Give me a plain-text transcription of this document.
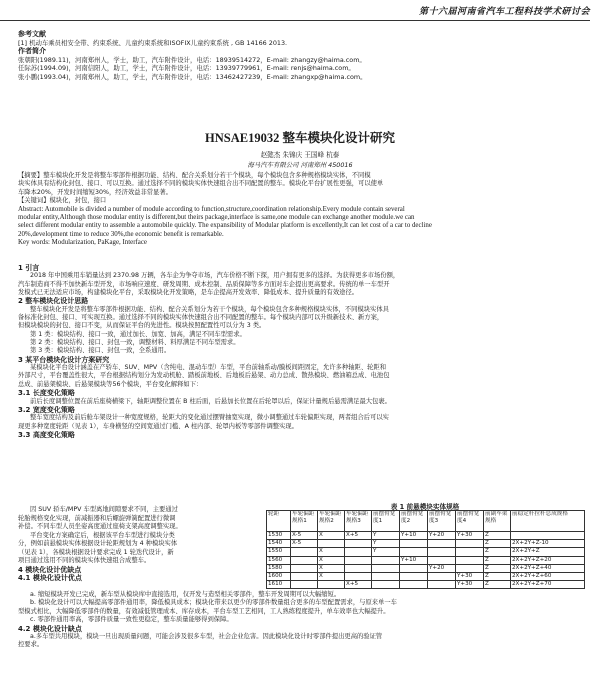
第十六届河南省汽车工程科技学术研讨会
参考文献
[1] 机动车乘员相安全带、约束系统、儿童约束系统和ISOFIX儿童约束系统 , GB 14166 2013.
作者简介
张朝阳(1989.11)，河南郑州人，学士，助工，汽车附件设计，电话：18939514272，E-mail: zhangzy@haima.com。
任际苏(1994.09)，河南信阳人，助工，学士，汽车附件设计，电话：13939779961，E-mail: renjs@haima.com。
张小鹏(1993.04)，河南郑州人，助工，学士，汽车附件设计，电话：13462427239，E-mail: zhangxp@haima.com。
HNSAE19032 整车模块化设计研究
赵懿杰 朱锦庆 王国峰 杭泰
海马汽车有限公司 河南郑州 450016

【摘要】整车模块化开发是将整车零部件根据功能、结构、配合关系划分若干个模块，每个模块包含多种规格模块实体，不同模

块实体具有结构化封包、接口、可以互换。通过选择不同的模块实体快速组合出不同配置的整车。模块化平台扩展性更强，可以使单

车降本20%，开发时间缩短30%，经济效益非常显著。

【关键词】模块化，封包，接口

Abstract: Automobile is divided a number of module according to function,structure,coordination relationship.Every module contain several

modular entity,Although those modular entity is different,but theirs package,interface is same,one module can exchange another module.we can

select different modular entity to assemble a automobile quickly. The expansibility of Modular platform is excellently,It can let cost of a car to decline

20%,development time to reduce 30%,the economic benefit is remarkable.

Key words: Modularization, PaKage, Interface

1 引言

2018 年中国乘用车销量达到 2370.98 万辆，各车企为争夺市场，汽车价格不断下探，用户拥有更多的选择。为获得更多市场份额，

汽车制造商不得不加快新车型开发，市场响应速度、研发周期、成本控制、品质保障等多方面对车企提出更高要求。传统的单一车型开

发模式已无法适应市场，构建模块化平台，采取模块化开发策略，是车企提高开发效率、降低成本、提升质量的有效途径。

2 整车模块化设计思路

整车模块化开发是将整车零部件根据功能、结构、配合关系划分为若干个模块，每个模块包含多种规格模块实体，不同模块实体具

备标准化封包、接口、可实现互换。通过选择不同的模块实体快速组合出不同配置的整车。每个模块内部可以升级新技术、新方案，

但模块模块的封包、接口不变，从而保证平台的先进性。模块按照配置性可以分为 3 类。

第 1 类：模块结构、接口一致，通过加长、加宽、加高，满足不同车型需求。

第 2 类：模块结构、接口、封包一致，调整材料、料厚满足不同车型需求。

第 3 类：模块结构、接口、封包一致，全系通用。

3 某平台模块化设计方案研究

某模块化平台设计涵盖在产轿车、SUV、MPV（含纯电、混动车型）车型，平台前轴系动/膜板间距固定，允许多种轴距、轮距和

外部尺寸，平台覆盖性很大，平台根据结构划分为发动机舱、踏板前地板、后地板后悬架、动力总成、散热模块、燃油箱总成、电池包

总成、前悬架模块、后悬架模块等56个模块，平台变化解释如下：

3.1 长度变化策略

前后长度调整位置在前后座椅横梁下，轴距调整位置在 B 柱后面，后悬加长位置在后轮罩以后，保证计量规后悬需满足最大包裹。

3.2 宽度变化策略

整车宽度结构及前后舱车架设计一种宽度规格，轮距大的变化通过摆臂抽宽实现，微小调整通过车轮偏距实现，两者组合后可以实

现更多种宽度轮距（见表 1），车身横竖的空间宽通过门槛、A 柱内部、轮罩内板等零部件调整实现。

3.3 高度变化策略

因 SUV 轿车/MPV 车型离地间隙要求不同，主要通过

轮胎规格变化实现，前减振器和后螺旋弹簧配置进行微调

补偿。不同车型人员坐姿高度通过座椅支架高度调整实现。

平台变化方案确定后，根据该平台车型进行模块分类

分，例如前悬模块实体根据设计轮距规划为 4 种模块实体

（见表 1），各模块根据设计要求完成 1 轮迭代设计，新

项目通过选用不同的模块实体快速组合成整车。

4 模块化设计优缺点

4.1 模块化设计优点

表 1 前悬模块实体规格
轮距	车轮偏距规格1	车轮偏距规格2	车轮偏距规格3	前摆臂宽度1	前摆臂宽度2	前摆臂宽度3	前摆臂宽度4	前副车架规格	前稳定杆拉杆总成规格
1530	X-5	X	X+5	Y	Y+10	Y+20	Y+30	Z	
1540	X-5			Y				Z	2X+2Y+Z-10
1550		X		Y				Z	2X+2Y+Z
1560		X			Y+10			Z	2X+2Y+Z+20
1580		X				Y+20		Z	2X+2Y+Z+40
1600		X					Y+30	Z	2X+2Y+Z+60
1610			X+5				Y+30	Z	2X+2Y+Z+70

a. 缩短模块开发已完成，新车型从模块库中直接选用，仅开发与造型相关零部件，整车开发周期可以大幅缩短。

b. 模块化设计可以大幅提高零部件通用率，降低模具成本；模块化带来以更少的零部件数量组合更多的车型配置需求，与原来单一车

型模式相比，大幅降低零部件的数量，有效减低管理成本、库存成本，平台车型工艺相同，工人熟练程度提升，单车效率也大幅提升。

c. 零部件通用率高，零部件质量一致性更稳定，整车质量能够得到保障。

4.2 模块化设计缺点

a.多车型共用模块，模块一旦出现质量问题，可能会涉及很多车型，社会企业危害。因此模块化设计时零部件提出更高的验证管

控要求。
